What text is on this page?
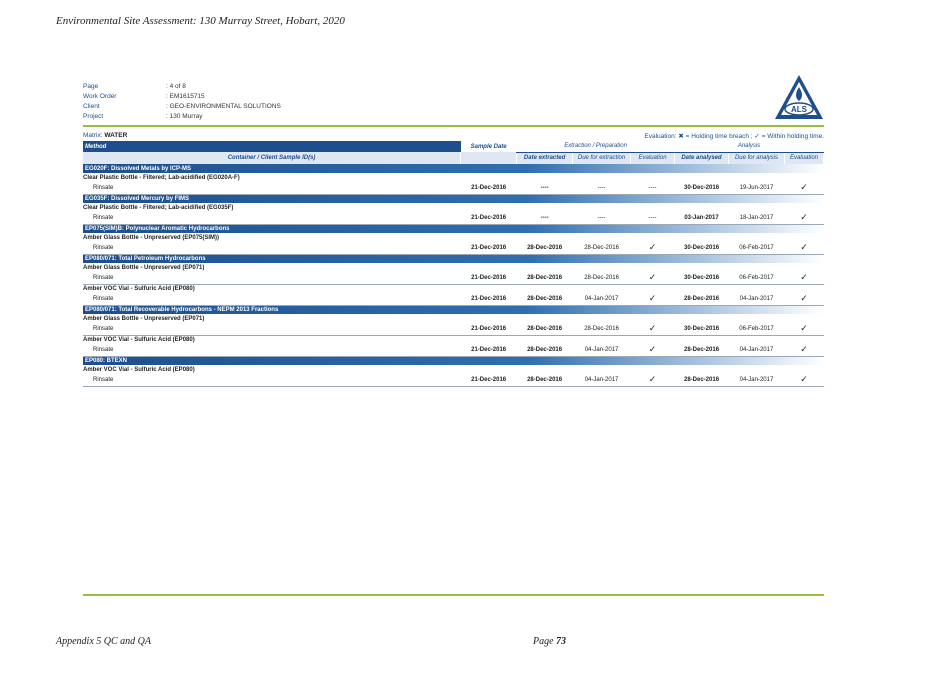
Environmental Site Assessment: 130 Murray Street, Hobart, 2020
Page	: 4 of 8
Work Order	: EM1615715
Client	: GEO-ENVIRONMENTAL SOLUTIONS
Project	: 130 Murray
ALS
Matrix: WATER	Evaluation: ✖ = Holding time breach ; ✓ = Within holding time.
Method	Sample Date	Extraction / Preparation			Analysis		
Container / Client Sample ID(s)		Date extracted	Due for extraction	Evaluation	Date analysed	Due for analysis	Evaluation
EG020F: Dissolved Metals by ICP-MS							
Clear Plastic Bottle - Filtered; Lab-acidified (EG020A-F)							
Rinsate	21-Dec-2016	----	----	----	30-Dec-2016	19-Jun-2017	✓
EG035F: Dissolved Mercury by FIMS							
Clear Plastic Bottle - Filtered; Lab-acidified (EG035F)							
Rinsate	21-Dec-2016	----	----	----	03-Jan-2017	18-Jan-2017	✓
EP075(SIM)B: Polynuclear Aromatic Hydrocarbons							
Amber Glass Bottle - Unpreserved (EP075(SIM))							
Rinsate	21-Dec-2016	28-Dec-2016	28-Dec-2016	✓	30-Dec-2016	06-Feb-2017	✓
EP080/071: Total Petroleum Hydrocarbons							
Amber Glass Bottle - Unpreserved (EP071)							
Rinsate	21-Dec-2016	28-Dec-2016	28-Dec-2016	✓	30-Dec-2016	06-Feb-2017	✓
Amber VOC Vial - Sulfuric Acid (EP080)							
Rinsate	21-Dec-2016	28-Dec-2016	04-Jan-2017	✓	28-Dec-2016	04-Jan-2017	✓
EP080/071: Total Recoverable Hydrocarbons - NEPM 2013 Fractions							
Amber Glass Bottle - Unpreserved (EP071)							
Rinsate	21-Dec-2016	28-Dec-2016	28-Dec-2016	✓	30-Dec-2016	06-Feb-2017	✓
Amber VOC Vial - Sulfuric Acid (EP080)							
Rinsate	21-Dec-2016	28-Dec-2016	04-Jan-2017	✓	28-Dec-2016	04-Jan-2017	✓
EP080: BTEXN							
Amber VOC Vial - Sulfuric Acid (EP080)							
Rinsate	21-Dec-2016	28-Dec-2016	04-Jan-2017	✓	28-Dec-2016	04-Jan-2017	✓
Appendix 5 QC and QA	Page 73
